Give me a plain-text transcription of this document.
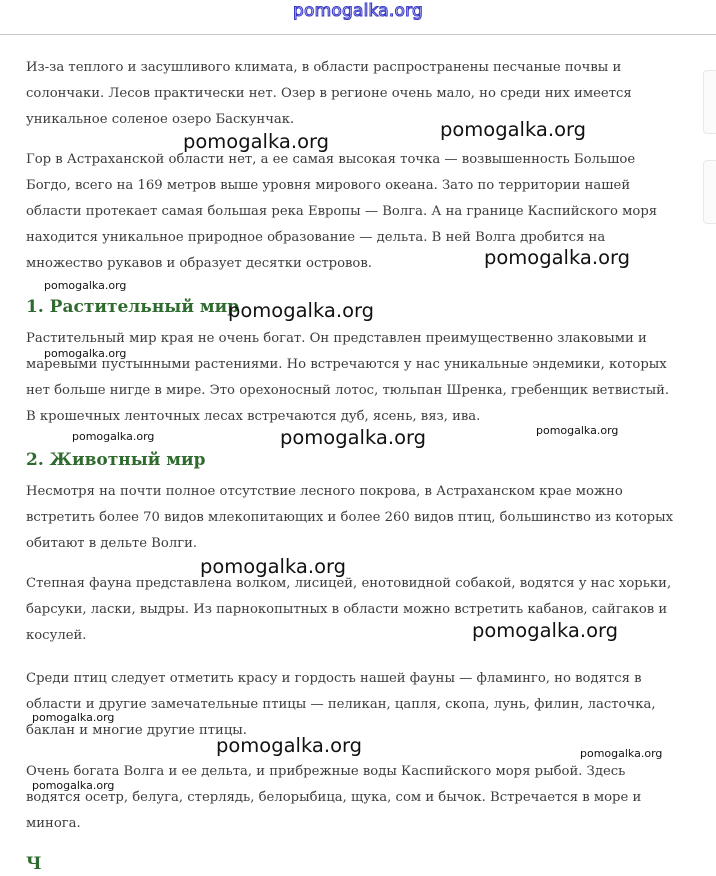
pomogalka.org

Из-за теплого и засушливого климата, в области распространены песчаные почвы и солончаки. Лесов практически нет. Озер в регионе очень мало, но среди них имеется уникальное соленое озеро Баскунчак.

Гор в Астраханской области нет, а ее самая высокая точка — возвышенность Большое Богдо, всего на 169 метров выше уровня мирового океана. Зато по территории нашей области протекает самая большая река Европы — Волга. А на границе Каспийского моря находится уникальное природное образование — дельта. В ней Волга дробится на множество рукавов и образует десятки островов.

1. Растительный мир

Растительный мир края не очень богат. Он представлен преимущественно злаковыми и маревыми пустынными растениями. Но встречаются у нас уникальные эндемики, которых нет больше нигде в мире. Это орехоносный лотос, тюльпан Шренка, гребенщик ветвистый. В крошечных ленточных лесах встречаются дуб, ясень, вяз, ива.

2. Животный мир

Несмотря на почти полное отсутствие лесного покрова, в Астраханском крае можно встретить более 70 видов млекопитающих и более 260 видов птиц, большинство из которых обитают в дельте Волги.

Степная фауна представлена волком, лисицей, енотовидной собакой, водятся у нас хорьки, барсуки, ласки, выдры. Из парнокопытных в области можно встретить кабанов, сайгаков и косулей.

Среди птиц следует отметить красу и гордость нашей фауны — фламинго, но водятся в области и другие замечательные птицы — пеликан, цапля, скопа, лунь, филин, ласточка, баклан и многие другие птицы.

Очень богата Волга и ее дельта, и прибрежные воды Каспийского моря рыбой. Здесь водятся осетр, белуга, стерлядь, белорыбица, щука, сом и бычок. Встречается в море и минога.

Ч
pomogalka.org
pomogalka.org
pomogalka.org
pomogalka.org
pomogalka.org
pomogalka.org
pomogalka.org	pomogalka.org	pomogalka.org
pomogalka.org
pomogalka.org
pomogalka.org
pomogalka.org	pomogalka.org
pomogalka.org
